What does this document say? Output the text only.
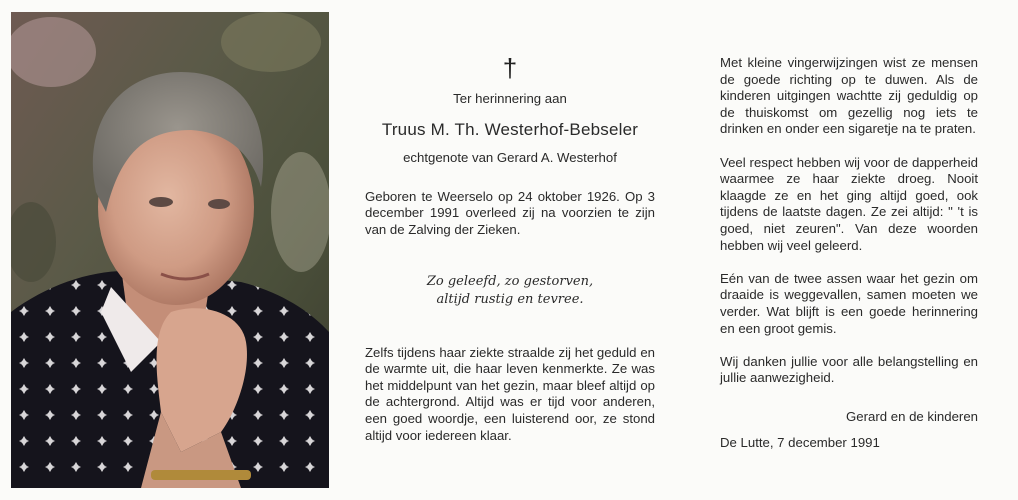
†

Ter herinnering aan

Truus M. Th. Westerhof-Bebseler

echtgenote van Gerard A. Westerhof

Geboren te Weerselo op 24 oktober 1926. Op 3 december 1991 overleed zij na voorzien te zijn van de Zalving der Zieken.

Zo geleefd, zo gestorven,
altijd rustig en tevree.

Zelfs tijdens haar ziekte straalde zij het geduld en de warmte uit, die haar leven kenmerkte. Ze was het middelpunt van het gezin, maar bleef altijd op de achtergrond. Altijd was er tijd voor anderen, een goed woordje, een luisterend oor, ze stond altijd voor iedereen klaar.

Met kleine vingerwijzingen wist ze mensen de goede richting op te duwen. Als de kinderen uitgingen wachtte zij geduldig op de thuiskomst om gezellig nog iets te drinken en onder een sigaretje na te praten.

Veel respect hebben wij voor de dapperheid waarmee ze haar ziekte droeg. Nooit klaagde ze en het ging altijd goed, ook tijdens de laatste dagen. Ze zei altijd: " 't is goed, niet zeuren". Van deze woorden hebben wij veel geleerd.

Eén van de twee assen waar het gezin om draaide is weggevallen, samen moeten we verder. Wat blijft is een goede herinnering en een groot gemis.

Wij danken jullie voor alle belangstelling en jullie aanwezigheid.

Gerard en de kinderen
De Lutte, 7 december 1991
